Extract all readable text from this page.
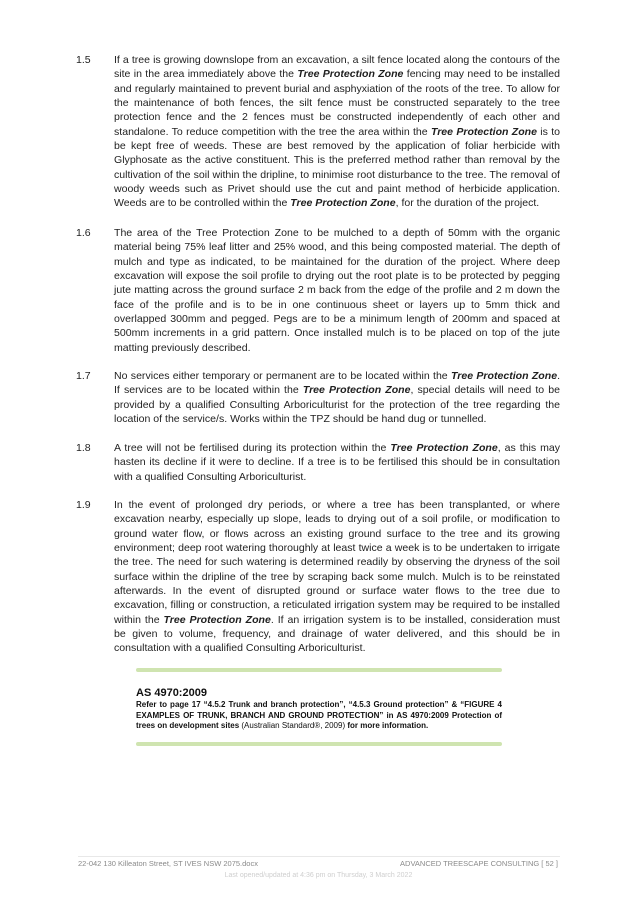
1.5	If a tree is growing downslope from an excavation, a silt fence located along the contours of the site in the area immediately above the Tree Protection Zone fencing may need to be installed and regularly maintained to prevent burial and asphyxiation of the roots of the tree. To allow for the maintenance of both fences, the silt fence must be constructed separately to the tree protection fence and the 2 fences must be constructed independently of each other and standalone. To reduce competition with the tree the area within the Tree Protection Zone is to be kept free of weeds. These are best removed by the application of foliar herbicide with Glyphosate as the active constituent. This is the preferred method rather than removal by the cultivation of the soil within the dripline, to minimise root disturbance to the tree. The removal of woody weeds such as Privet should use the cut and paint method of herbicide application. Weeds are to be controlled within the Tree Protection Zone, for the duration of the project.
1.6	The area of the Tree Protection Zone to be mulched to a depth of 50mm with the organic material being 75% leaf litter and 25% wood, and this being composted material. The depth of mulch and type as indicated, to be maintained for the duration of the project. Where deep excavation will expose the soil profile to drying out the root plate is to be protected by pegging jute matting across the ground surface 2 m back from the edge of the profile and 2 m down the face of the profile and is to be in one continuous sheet or layers up to 5mm thick and overlapped 300mm and pegged. Pegs are to be a minimum length of 200mm and spaced at 500mm increments in a grid pattern. Once installed mulch is to be placed on top of the jute matting previously described.
1.7	No services either temporary or permanent are to be located within the Tree Protection Zone. If services are to be located within the Tree Protection Zone, special details will need to be provided by a qualified Consulting Arboriculturist for the protection of the tree regarding the location of the service/s. Works within the TPZ should be hand dug or tunnelled.
1.8	A tree will not be fertilised during its protection within the Tree Protection Zone, as this may hasten its decline if it were to decline. If a tree is to be fertilised this should be in consultation with a qualified Consulting Arboriculturist.
1.9	In the event of prolonged dry periods, or where a tree has been transplanted, or where excavation nearby, especially up slope, leads to drying out of a soil profile, or modification to ground water flow, or flows across an existing ground surface to the tree and its growing environment; deep root watering thoroughly at least twice a week is to be undertaken to irrigate the tree. The need for such watering is determined readily by observing the dryness of the soil surface within the dripline of the tree by scraping back some mulch. Mulch is to be reinstated afterwards. In the event of disrupted ground or surface water flows to the tree due to excavation, filling or construction, a reticulated irrigation system may be required to be installed within the Tree Protection Zone. If an irrigation system is to be installed, consideration must be given to volume, frequency, and drainage of water delivered, and this should be in consultation with a qualified Consulting Arboriculturist.
AS 4970:2009
Refer to page 17 “4.5.2 Trunk and branch protection”, “4.5.3 Ground protection” & “FIGURE 4 EXAMPLES OF TRUNK, BRANCH AND GROUND PROTECTION” in AS 4970:2009 Protection of trees on development sites (Australian Standard®, 2009) for more information.
22-042 130 Killeaton Street, ST IVES NSW 2075.docx	ADVANCED TREESCAPE CONSULTING [ 52 ]
Last opened/updated at 4:36 pm on Thursday, 3 March 2022
